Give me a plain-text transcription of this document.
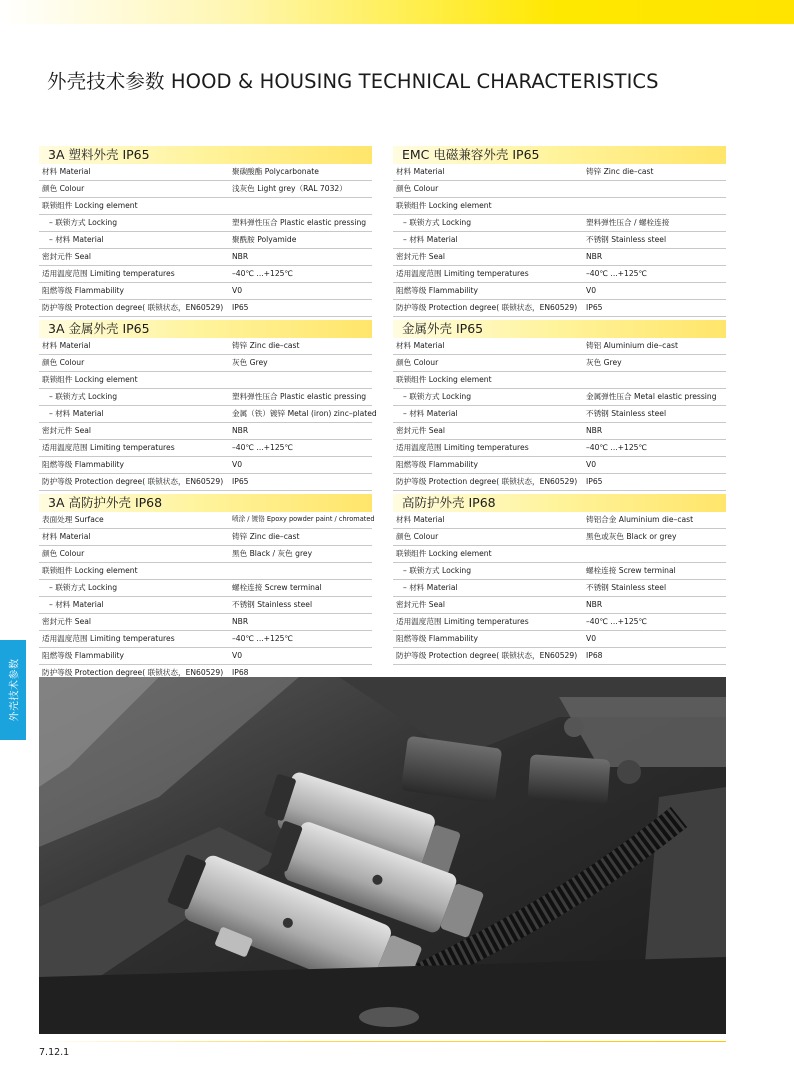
外壳技术参数 HOOD & HOUSING TECHNICAL CHARACTERISTICS
3A 塑料外壳 IP65
材料 Material	聚碳酸酯 Polycarbonate
颜色 Colour	浅灰色 Light grey（RAL 7032）
联锁组件 Locking element
– 联锁方式 Locking	塑料弹性压合 Plastic elastic pressing
– 材料 Material	聚酰胺 Polyamide
密封元件 Seal	NBR
适用温度范围 Limiting temperatures	–40℃ ...+125℃
阻燃等级 Flammability	V0
防护等级 Protection degree( 联锁状态，EN60529) IP65
EMC 电磁兼容外壳 IP65
材料 Material	铸锌 Zinc die–cast
颜色 Colour
联锁组件 Locking element
– 联锁方式 Locking	塑料弹性压合 / 螺栓连接
– 材料 Material	不锈钢 Stainless steel
密封元件 Seal	NBR
适用温度范围 Limiting temperatures	–40℃ ...+125℃
阻燃等级 Flammability	V0
防护等级 Protection degree( 联锁状态，EN60529) IP65
3A 金属外壳 IP65
材料 Material	铸锌 Zinc die–cast
颜色 Colour	灰色 Grey
联锁组件 Locking element
– 联锁方式 Locking	塑料弹性压合 Plastic elastic pressing
– 材料 Material	金属（铁）镀锌 Metal (iron) zinc–plated
密封元件 Seal	NBR
适用温度范围 Limiting temperatures	–40℃ ...+125℃
阻燃等级 Flammability	V0
防护等级 Protection degree( 联锁状态，EN60529) IP65
金属外壳 IP65
材料 Material	铸铝 Aluminium die–cast
颜色 Colour	灰色 Grey
联锁组件 Locking element
– 联锁方式 Locking	金属弹性压合 Metal elastic pressing
– 材料 Material	不锈钢 Stainless steel
密封元件 Seal	NBR
适用温度范围 Limiting temperatures	–40℃ ...+125℃
阻燃等级 Flammability	V0
防护等级 Protection degree( 联锁状态，EN60529) IP65
3A 高防护外壳 IP68
表面处理 Surface	喷涂 / 镀铬 Epoxy powder paint / chromated
材料 Material	铸锌 Zinc die–cast
颜色 Colour	黑色 Black / 灰色 grey
联锁组件 Locking element
– 联锁方式 Locking	螺栓连接 Screw terminal
– 材料 Material	不锈钢 Stainless steel
密封元件 Seal	NBR
适用温度范围 Limiting temperatures	–40℃ ...+125℃
阻燃等级 Flammability	V0
防护等级 Protection degree( 联锁状态，EN60529) IP68
高防护外壳 IP68
材料 Material	铸铝合金 Aluminium die–cast
颜色 Colour	黑色或灰色 Black or grey
联锁组件 Locking element
– 联锁方式 Locking	螺栓连接 Screw terminal
– 材料 Material	不锈钢 Stainless steel
密封元件 Seal	NBR
适用温度范围 Limiting temperatures	–40℃ ...+125℃
阻燃等级 Flammability	V0
防护等级 Protection degree( 联锁状态，EN60529) IP68
外壳技术参数
7.12.1
